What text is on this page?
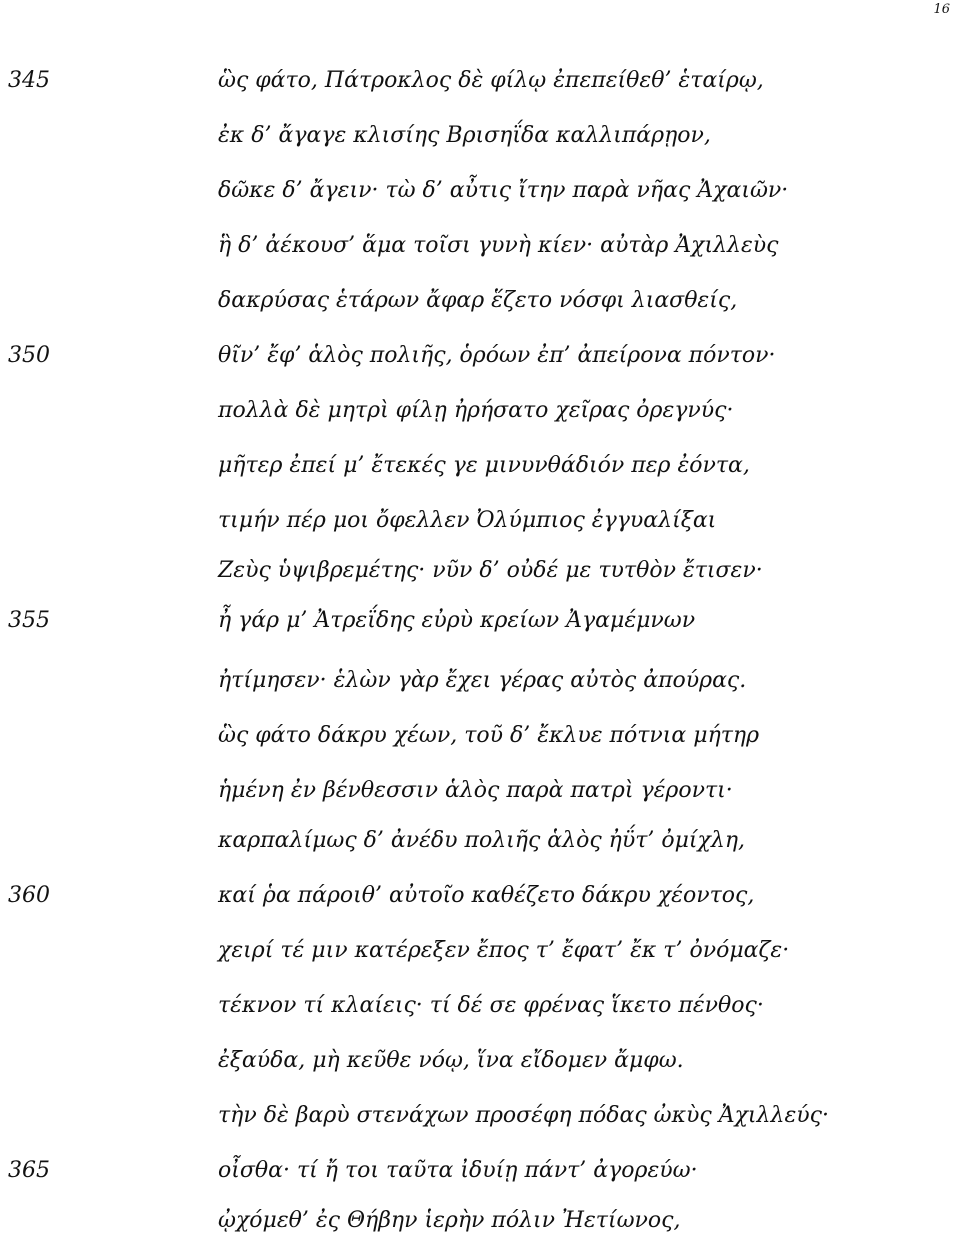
16
345
350
355
360
365
ὣς φάτο, Πάτροκλος δὲ φίλῳ ἐπεπείθεθ’ ἑταίρῳ,
ἐκ δ’ ἄγαγε κλισίης Βρισηΐδα καλλιπάρῃον,
δῶκε δ’ ἄγειν· τὼ δ’ αὖτις ἴτην παρὰ νῆας Ἀχαιῶν·
ἣ δ’ ἀέκουσ’ ἅμα τοῖσι γυνὴ κίεν· αὐτὰρ Ἀχιλλεὺς
δακρύσας ἑτάρων ἄφαρ ἕζετο νόσφι λιασθείς,
θῖν’ ἔφ’ ἁλὸς πολιῆς, ὁρόων ἐπ’ ἀπείρονα πόντον·
πολλὰ δὲ μητρὶ φίλῃ ἠρήσατο χεῖρας ὀρεγνύς·
μῆτερ ἐπεί μ’ ἔτεκές γε μινυνθάδιόν περ ἐόντα,
τιμήν πέρ μοι ὄφελλεν Ὀλύμπιος ἐγγυαλίξαι
Ζεὺς ὑψιβρεμέτης· νῦν δ’ οὐδέ με τυτθὸν ἔτισεν·
ἦ γάρ μ’ Ἀτρεΐδης εὐρὺ κρείων Ἀγαμέμνων
ἠτίμησεν· ἑλὼν γὰρ ἔχει γέρας αὐτὸς ἀπούρας.
ὣς φάτο δάκρυ χέων, τοῦ δ’ ἔκλυε πότνια μήτηρ
ἡμένη ἐν βένθεσσιν ἁλὸς παρὰ πατρὶ γέροντι·
καρπαλίμως δ’ ἀνέδυ πολιῆς ἁλὸς ἠΰτ’ ὀμίχλη,
καί ῥα πάροιθ’ αὐτοῖο καθέζετο δάκρυ χέοντος,
χειρί τέ μιν κατέρεξεν ἔπος τ’ ἔφατ’ ἔκ τ’ ὀνόμαζε·
τέκνον τί κλαίεις· τί δέ σε φρένας ἵκετο πένθος·
ἐξαύδα, μὴ κεῦθε νόῳ, ἵνα εἴδομεν ἄμφω.
τὴν δὲ βαρὺ στενάχων προσέφη πόδας ὠκὺς Ἀχιλλεύς·
οἶσθα· τί ἤ τοι ταῦτα ἰδυίῃ πάντ’ ἀγορεύω·
ᾠχόμεθ’ ἐς Θήβην ἱερὴν πόλιν Ἠετίωνος,
